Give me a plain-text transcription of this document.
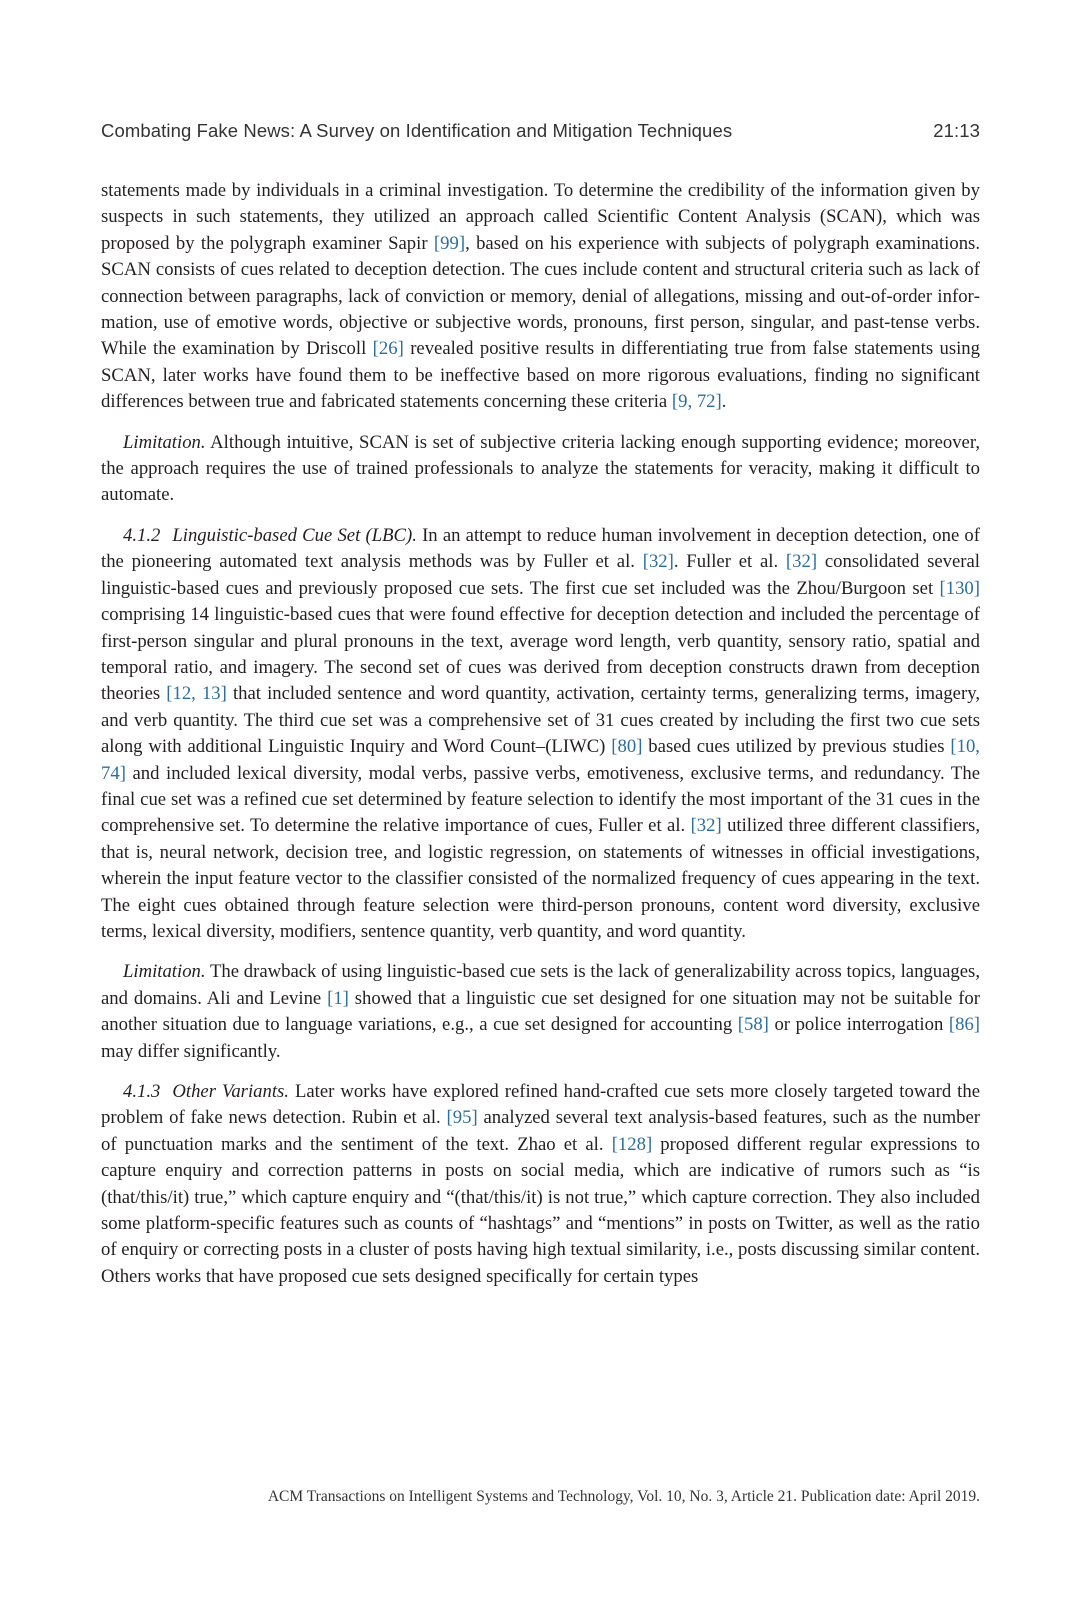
Combating Fake News: A Survey on Identification and Mitigation Techniques	21:13

statements made by individuals in a criminal investigation. To determine the credibility of the information given by suspects in such statements, they utilized an approach called Scientific Content Analysis (SCAN), which was proposed by the polygraph examiner Sapir [99], based on his experience with subjects of polygraph examinations. SCAN consists of cues related to deception detection. The cues include content and structural criteria such as lack of connection between paragraphs, lack of conviction or memory, denial of allegations, missing and out-of-order information, use of emotive words, objective or subjective words, pronouns, first person, singular, and past-tense verbs. While the examination by Driscoll [26] revealed positive results in differentiating true from false statements using SCAN, later works have found them to be ineffective based on more rigorous evaluations, finding no significant differences between true and fabricated statements concerning these criteria [9, 72].

Limitation. Although intuitive, SCAN is set of subjective criteria lacking enough supporting evidence; moreover, the approach requires the use of trained professionals to analyze the statements for veracity, making it difficult to automate.

4.1.2 Linguistic-based Cue Set (LBC). In an attempt to reduce human involvement in deception detection, one of the pioneering automated text analysis methods was by Fuller et al. [32]. Fuller et al. [32] consolidated several linguistic-based cues and previously proposed cue sets. The first cue set included was the Zhou/Burgoon set [130] comprising 14 linguistic-based cues that were found effective for deception detection and included the percentage of first-person singular and plural pronouns in the text, average word length, verb quantity, sensory ratio, spatial and temporal ratio, and imagery. The second set of cues was derived from deception constructs drawn from deception theories [12, 13] that included sentence and word quantity, activation, certainty terms, generalizing terms, imagery, and verb quantity. The third cue set was a comprehensive set of 31 cues created by including the first two cue sets along with additional Linguistic Inquiry and Word Count–(LIWC) [80] based cues utilized by previous studies [10, 74] and included lexical diversity, modal verbs, passive verbs, emotiveness, exclusive terms, and redundancy. The final cue set was a refined cue set determined by feature selection to identify the most important of the 31 cues in the comprehensive set. To determine the relative importance of cues, Fuller et al. [32] utilized three different classifiers, that is, neural network, decision tree, and logistic regression, on statements of witnesses in official investigations, wherein the input feature vector to the classifier consisted of the normalized frequency of cues appearing in the text. The eight cues obtained through feature selection were third-person pronouns, content word diversity, exclusive terms, lexical diversity, modifiers, sentence quantity, verb quantity, and word quantity.

Limitation. The drawback of using linguistic-based cue sets is the lack of generalizability across topics, languages, and domains. Ali and Levine [1] showed that a linguistic cue set designed for one situation may not be suitable for another situation due to language variations, e.g., a cue set designed for accounting [58] or police interrogation [86] may differ significantly.

4.1.3 Other Variants. Later works have explored refined hand-crafted cue sets more closely targeted toward the problem of fake news detection. Rubin et al. [95] analyzed several text analysis-based features, such as the number of punctuation marks and the sentiment of the text. Zhao et al. [128] proposed different regular expressions to capture enquiry and correction patterns in posts on social media, which are indicative of rumors such as “is (that/this/it) true,” which capture enquiry and “(that/this/it) is not true,” which capture correction. They also included some platform-specific features such as counts of “hashtags” and “mentions” in posts on Twitter, as well as the ratio of enquiry or correcting posts in a cluster of posts having high textual similarity, i.e., posts discussing similar content. Others works that have proposed cue sets designed specifically for certain types

ACM Transactions on Intelligent Systems and Technology, Vol. 10, No. 3, Article 21. Publication date: April 2019.
